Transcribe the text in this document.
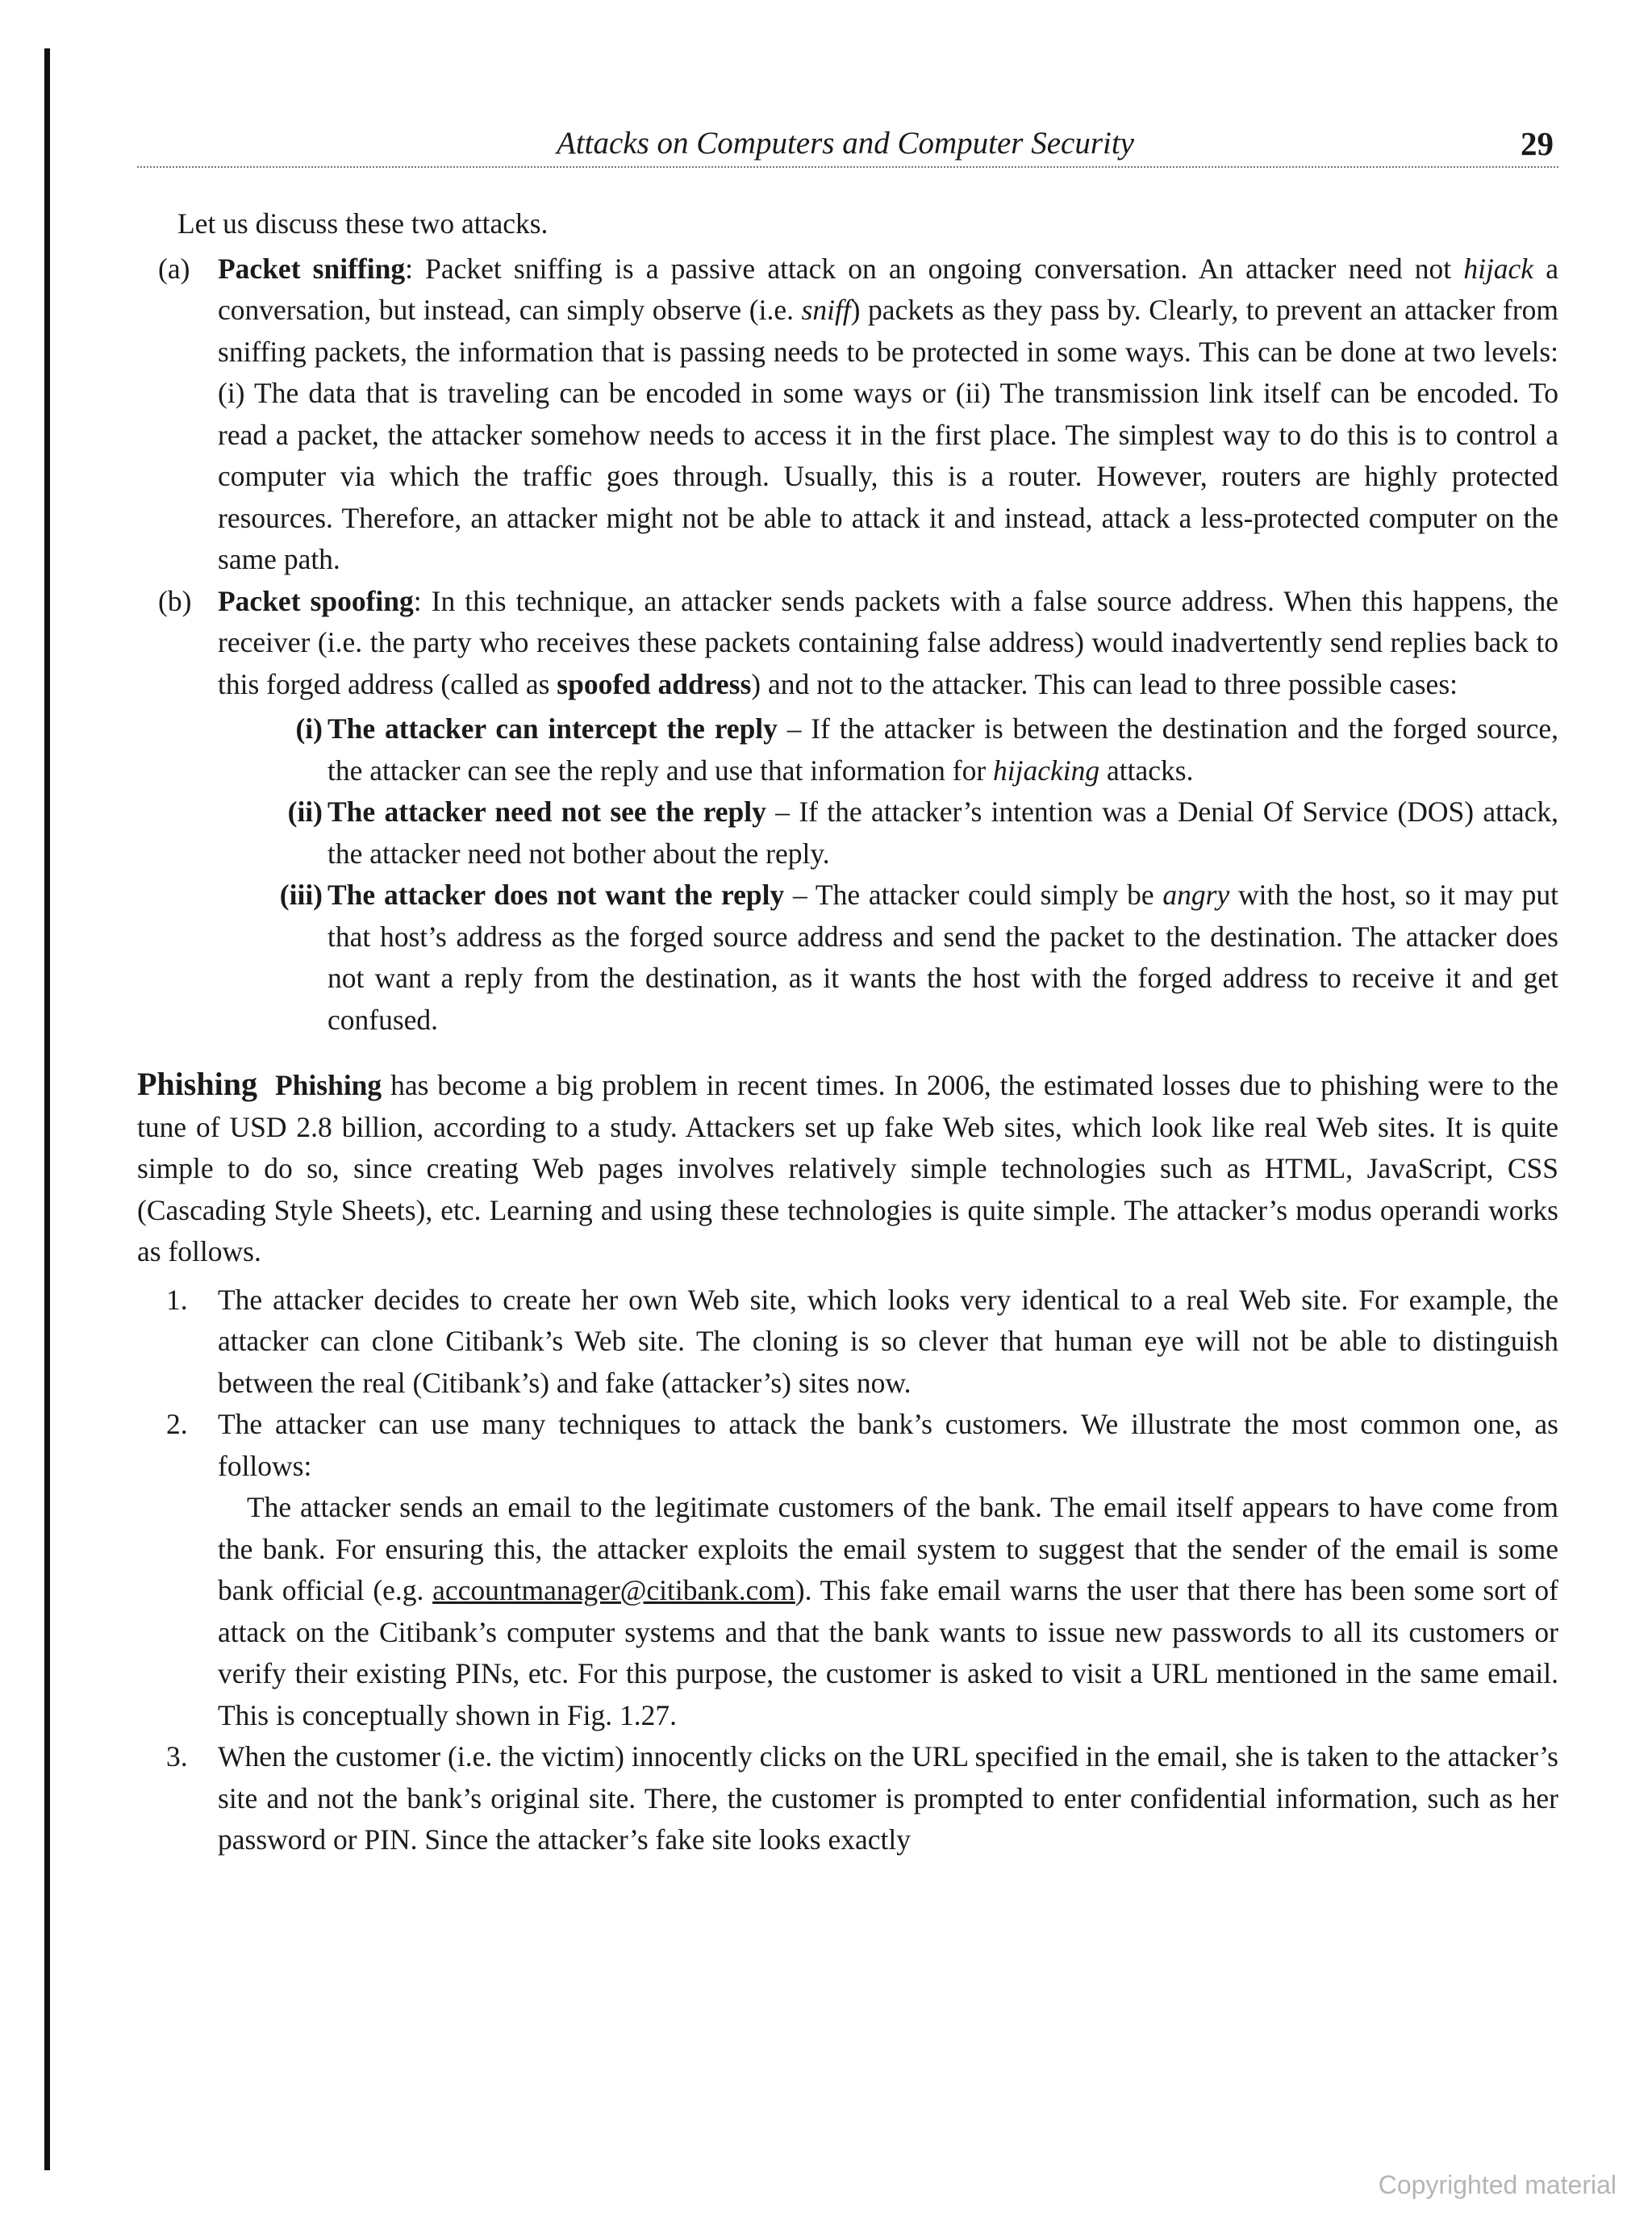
Attacks on Computers and Computer Security	29

Let us discuss these two attacks.

(a) Packet sniffing: Packet sniffing is a passive attack on an ongoing conversation. An attacker need not hijack a conversation, but instead, can simply observe (i.e. sniff) packets as they pass by. Clearly, to prevent an attacker from sniffing packets, the information that is passing needs to be protected in some ways. This can be done at two levels: (i) The data that is traveling can be encoded in some ways or (ii) The transmission link itself can be encoded. To read a packet, the attacker somehow needs to access it in the first place. The simplest way to do this is to control a computer via which the traffic goes through. Usually, this is a router. However, routers are highly protected resources. Therefore, an attacker might not be able to attack it and instead, attack a less-protected computer on the same path.
(b) Packet spoofing: In this technique, an attacker sends packets with a false source address. When this happens, the receiver (i.e. the party who receives these packets containing false address) would inadvertently send replies back to this forged address (called as spoofed address) and not to the attacker. This can lead to three possible cases:
(i) The attacker can intercept the reply – If the attacker is between the destination and the forged source, the attacker can see the reply and use that information for hijacking attacks.
(ii) The attacker need not see the reply – If the attacker’s intention was a Denial Of Service (DOS) attack, the attacker need not bother about the reply.
(iii) The attacker does not want the reply – The attacker could simply be angry with the host, so it may put that host’s address as the forged source address and send the packet to the destination. The attacker does not want a reply from the destination, as it wants the host with the forged address to receive it and get confused.

Phishing Phishing has become a big problem in recent times. In 2006, the estimated losses due to phishing were to the tune of USD 2.8 billion, according to a study. Attackers set up fake Web sites, which look like real Web sites. It is quite simple to do so, since creating Web pages involves relatively simple technologies such as HTML, JavaScript, CSS (Cascading Style Sheets), etc. Learning and using these technologies is quite simple. The attacker’s modus operandi works as follows.

1. The attacker decides to create her own Web site, which looks very identical to a real Web site. For example, the attacker can clone Citibank’s Web site. The cloning is so clever that human eye will not be able to distinguish between the real (Citibank’s) and fake (attacker’s) sites now.
2. The attacker can use many techniques to attack the bank’s customers. We illustrate the most common one, as follows:

The attacker sends an email to the legitimate customers of the bank. The email itself appears to have come from the bank. For ensuring this, the attacker exploits the email system to suggest that the sender of the email is some bank official (e.g. accountmanager@citibank.com). This fake email warns the user that there has been some sort of attack on the Citibank’s computer systems and that the bank wants to issue new passwords to all its customers or verify their existing PINs, etc. For this purpose, the customer is asked to visit a URL mentioned in the same email. This is conceptually shown in Fig. 1.27.

3. When the customer (i.e. the victim) innocently clicks on the URL specified in the email, she is taken to the attacker’s site and not the bank’s original site. There, the customer is prompted to enter confidential information, such as her password or PIN. Since the attacker’s fake site looks exactly
Copyrighted material
